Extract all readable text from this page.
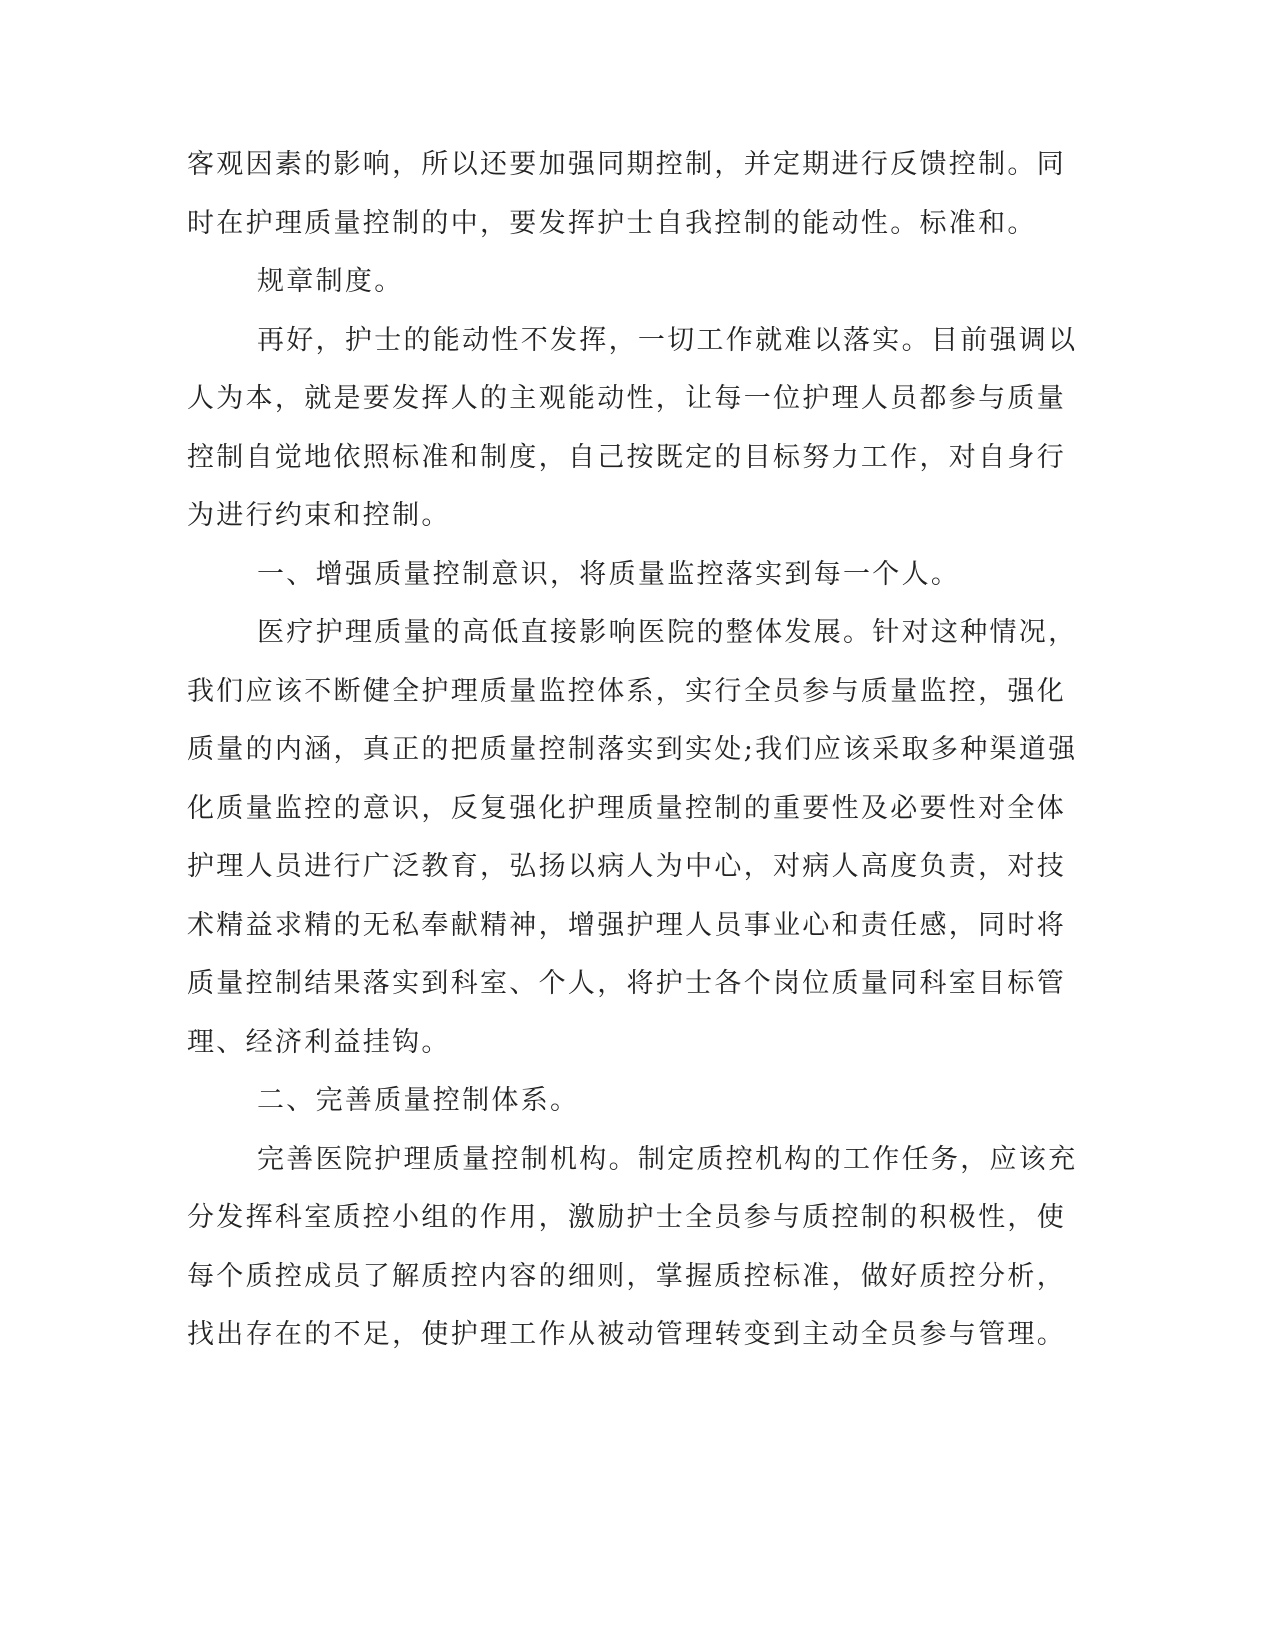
客观因素的影响，所以还要加强同期控制，并定期进行反馈控制。同时在护理质量控制的中，要发挥护士自我控制的能动性。标准和。

规章制度。

再好，护士的能动性不发挥，一切工作就难以落实。目前强调以人为本，就是要发挥人的主观能动性，让每一位护理人员都参与质量控制自觉地依照标准和制度，自己按既定的目标努力工作，对自身行为进行约束和控制。

一、增强质量控制意识，将质量监控落实到每一个人。

医疗护理质量的高低直接影响医院的整体发展。针对这种情况，我们应该不断健全护理质量监控体系，实行全员参与质量监控，强化质量的内涵，真正的把质量控制落实到实处;我们应该采取多种渠道强化质量监控的意识，反复强化护理质量控制的重要性及必要性对全体护理人员进行广泛教育，弘扬以病人为中心，对病人高度负责，对技术精益求精的无私奉献精神，增强护理人员事业心和责任感，同时将质量控制结果落实到科室、个人，将护士各个岗位质量同科室目标管理、经济利益挂钩。

二、完善质量控制体系。

完善医院护理质量控制机构。制定质控机构的工作任务，应该充分发挥科室质控小组的作用，激励护士全员参与质控制的积极性，使每个质控成员了解质控内容的细则，掌握质控标准，做好质控分析，找出存在的不足，使护理工作从被动管理转变到主动全员参与管理。
